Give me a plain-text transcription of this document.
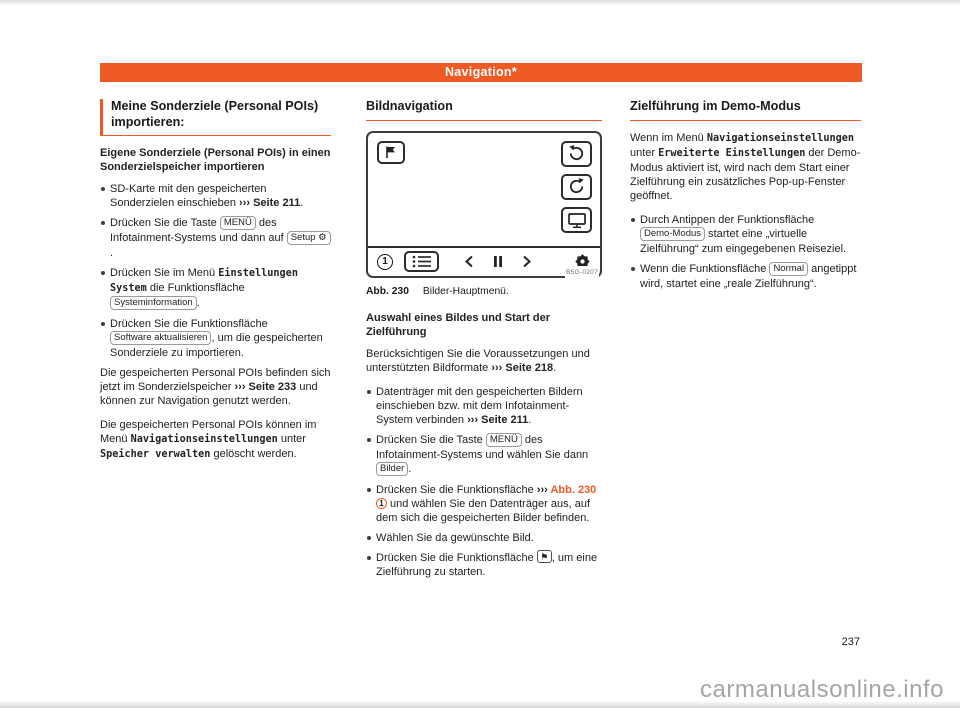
Navigation*
Meine Sonderziele (Personal POIs) importieren:
Eigene Sonderziele (Personal POIs) in einen Sonderzielspeicher importieren
SD-Karte mit den gespeicherten Sonderzielen einschieben ››› Seite 211.
Drücken Sie die Taste MENÜ des Infotainment-Systems und dann auf Setup ⚙.
Drücken Sie im Menü Einstellungen System die Funktionsfläche Systeminformation .
Drücken Sie die Funktionsfläche Software aktualisieren , um die gespeicherten Sonderziele zu importieren.
Die gespeicherten Personal POIs befinden sich jetzt im Sonderzielspeicher ››› Seite 233 und können zur Navigation genutzt werden.
Die gespeicherten Personal POIs können im Menü Navigationseinstellungen unter Speicher verwalten gelöscht werden.
Bildnavigation
1
B5G-0207
Abb. 230 Bilder-Hauptmenü.
Auswahl eines Bildes und Start der Zielführung
Berücksichtigen Sie die Voraussetzungen und unterstützten Bildformate ››› Seite 218.
Datenträger mit den gespeicherten Bildern einschieben bzw. mit dem Infotainment-System verbinden ››› Seite 211.
Drücken Sie die Taste MENÜ des Infotainment-Systems und wählen Sie dann Bilder .
Drücken Sie die Funktionsfläche ››› Abb. 230 1 und wählen Sie den Datenträger aus, auf dem sich die gespeicherten Bilder befinden.
Wählen Sie da gewünschte Bild.
Drücken Sie die Funktionsfläche ⚑ , um eine Zielführung zu starten.
Zielführung im Demo-Modus
Wenn im Menü Navigationseinstellungen unter Erweiterte Einstellungen der Demo-Modus aktiviert ist, wird nach dem Start einer Zielführung ein zusätzliches Pop-up-Fenster geöffnet.
Durch Antippen der Funktionsfläche Demo-Modus startet eine „virtuelle Zielführung“ zum eingegebenen Reiseziel.
Wenn die Funktionsfläche Normal angetippt wird, startet eine „reale Zielführung“.
237
carmanualsonline.info
